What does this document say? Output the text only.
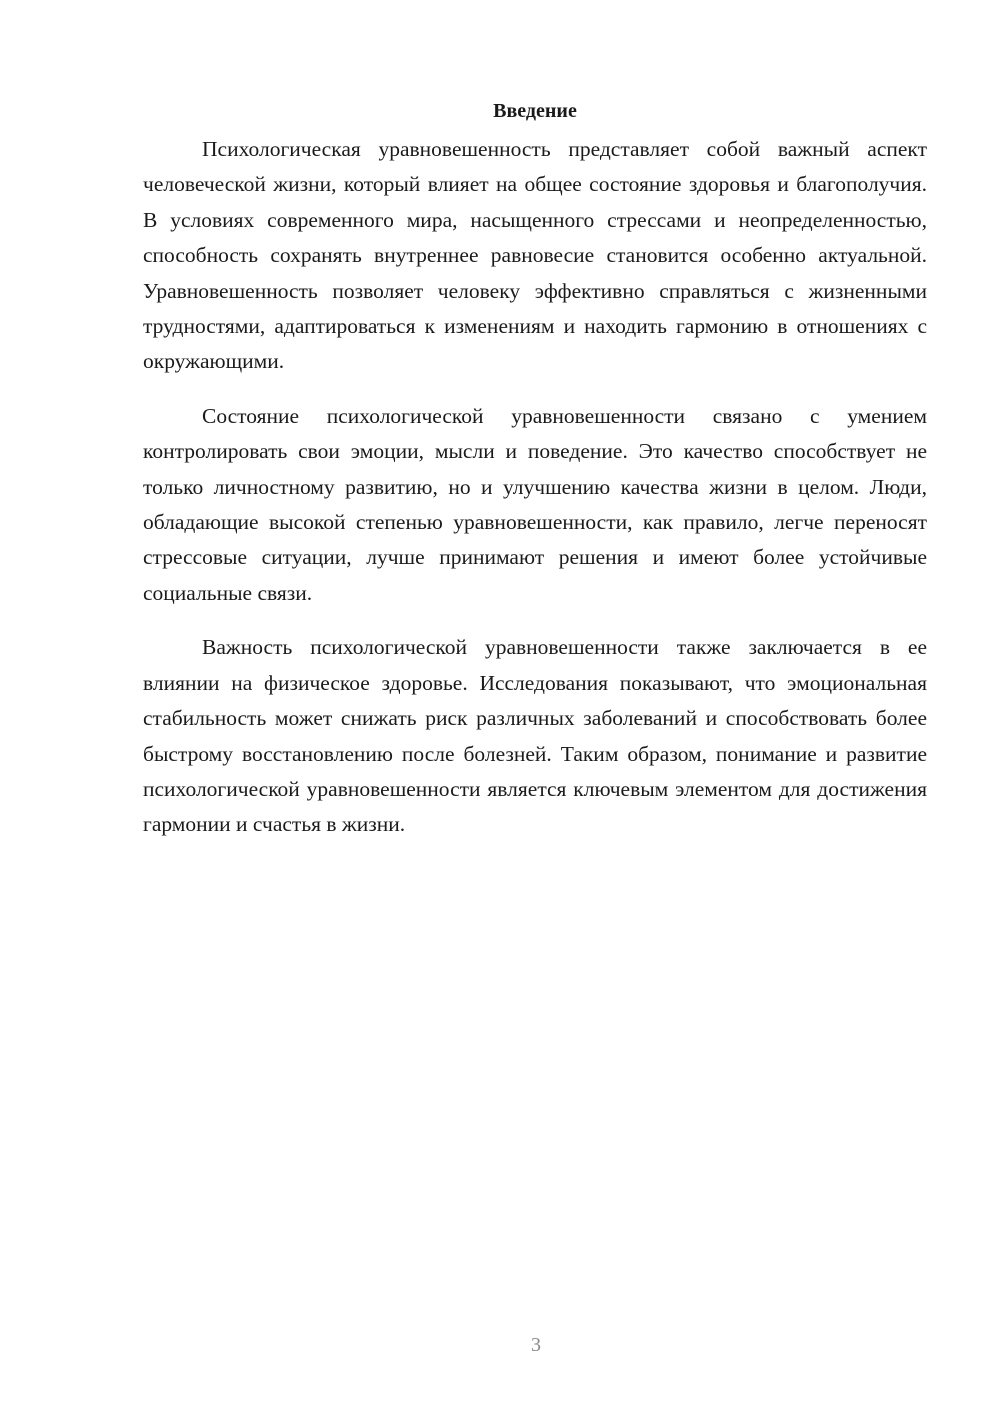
Введение

Психологическая уравновешенность представляет собой важный аспект человеческой жизни, который влияет на общее состояние здоровья и благополучия. В условиях современного мира, насыщенного стрессами и неопределенностью, способность сохранять внутреннее равновесие становится особенно актуальной. Уравновешенность позволяет человеку эффективно справляться с жизненными трудностями, адаптироваться к изменениям и находить гармонию в отношениях с окружающими.

Состояние психологической уравновешенности связано с умением контролировать свои эмоции, мысли и поведение. Это качество способствует не только личностному развитию, но и улучшению качества жизни в целом. Люди, обладающие высокой степенью уравновешенности, как правило, легче переносят стрессовые ситуации, лучше принимают решения и имеют более устойчивые социальные связи.

Важность психологической уравновешенности также заключается в ее влиянии на физическое здоровье. Исследования показывают, что эмоциональная стабильность может снижать риск различных заболеваний и способствовать более быстрому восстановлению после болезней. Таким образом, понимание и развитие психологической уравновешенности является ключевым элементом для достижения гармонии и счастья в жизни.

3
